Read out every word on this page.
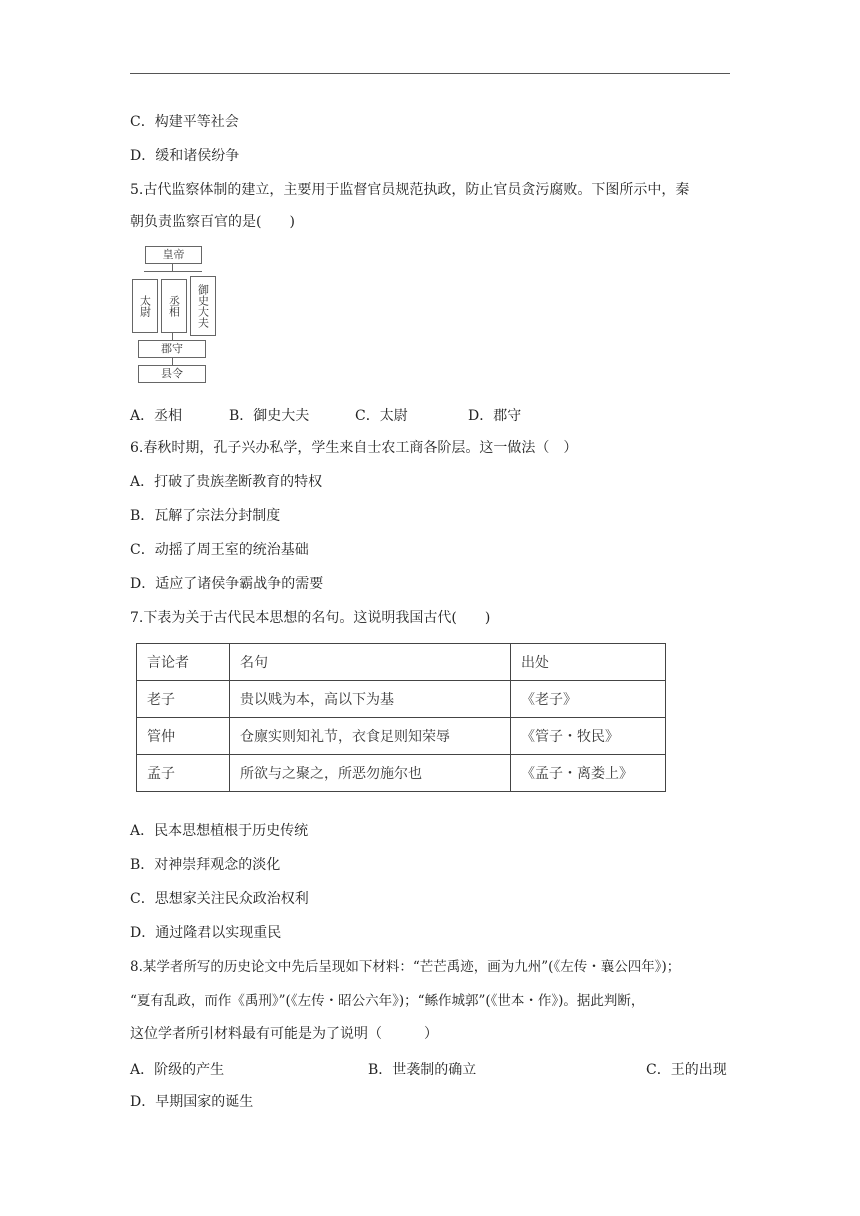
C．构建平等社会
D．缓和诸侯纷争
5.古代监察体制的建立，主要用于监督官员规范执政，防止官员贪污腐败。下图所示中，秦
朝负责监察百官的是(　　)
皇帝
太尉	丞相	御史大夫
郡守
县令
A．丞相	B．御史大夫	C．太尉	D．郡守
6.春秋时期，孔子兴办私学，学生来自士农工商各阶层。这一做法（　）
A．打破了贵族垄断教育的特权
B．瓦解了宗法分封制度
C．动摇了周王室的统治基础
D．适应了诸侯争霸战争的需要
7.下表为关于古代民本思想的名句。这说明我国古代(　　)
言论者	名句	出处
老子	贵以贱为本，高以下为基	《老子》
管仲	仓廪实则知礼节，衣食足则知荣辱	《管子・牧民》
孟子	所欲与之聚之，所恶勿施尔也	《孟子・离娄上》
A．民本思想植根于历史传统
B．对神崇拜观念的淡化
C．思想家关注民众政治权利
D．通过隆君以实现重民
8.某学者所写的历史论文中先后呈现如下材料：“芒芒禹迹，画为九州”(《左传・襄公四年》)；
“夏有乱政，而作《禹刑》”(《左传・昭公六年》)；“鲧作城郭”(《世本・作》)。据此判断，
这位学者所引材料最有可能是为了说明（　　　）
A．阶级的产生	B．世袭制的确立	C．王的出现
D．早期国家的诞生
